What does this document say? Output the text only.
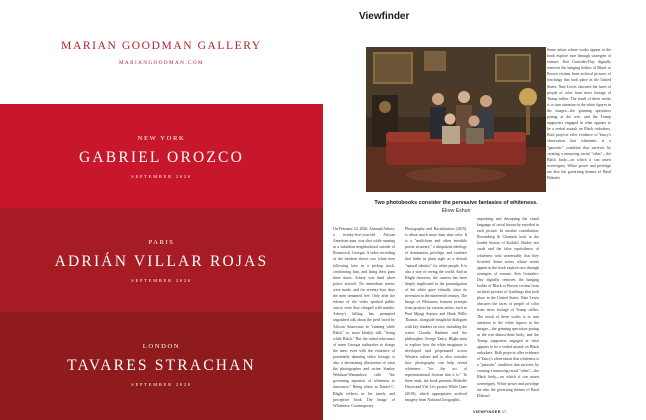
MARIAN GOODMAN GALLERY
MARIANGOODMAN.COM
NEW YORK
GABRIEL OROZCO
SEPTEMBER 2020
PARIS
ADRIÁN VILLAR ROJAS
SEPTEMBER 2020
LONDON
TAVARES STRACHAN
SEPTEMBER 2020
Viewfinder
Two photobooks consider the pervasive fantasies of whiteness.
Ekow Eshun
On February 23, 2020, Ahmaud Arbery, a twenty-five-year-old African American man, was shot while running in a suburban neighborhood outside of Brunswick, Georgia. A video recording of the incident shows two white men following him in a pickup truck, confronting him, and firing their guns three times. Arbery was dead when police arrived. No immediate arrests were made, and for seventy-four days the men remained free. Only after the release of the video sparked public outcry were they charged with murder. Arbery's killing has prompted anguished talk about the peril faced by African Americans in "running while Black" or, more bleakly still, "living while Black." But the initial reluctance of some Georgia authorities to charge the men, even with the existence of potentially damning video footage, is also a devastating illustration of what the photographer and writer Stanley Wolukau-Wanambwa calls "the governing equation of whiteness to innocence." Being white, as Daniel C. Blight reflects in his timely and perceptive book The Image of Whiteness: Contemporary
Photography and Racialization (2019), is about much more than skin color. It is a "multiform and often invisible power structure," a ubiquitous ideology of domination, privilege, and violence that hides in plain sight as a default "natural identity" for white people. It is also a way of seeing the world. And as Blight observes, the camera has been deeply implicated in the promulgation of the white gaze virtually since its invention in the nineteenth century. The Image of Whiteness features excerpts from projects by various artists, such as Paul Mpagi Sepuya and Hank Willis Thomas, alongside insightful dialogues with key thinkers on race, including the writer Claudia Rankine and the philosopher George Yancy. Blight aims to explore how the white imaginary is developed and perpetuated across Western culture and to also consider how photography can help reveal whiteness "for the act of representational fictions that it is." To these ends, the book presents Michelle Dizon and Viet Le's project White Gaze (2018), which appropriates archival imagery from National Geographic,
unpacking and disrupting the visual language of racial hierarchy encoded in each picture. In another contribution, Broomberg & Chanarin look to the loaded history of Kodak's Shirley test cards and the false equivalence of whiteness with universality that they fostered. Some artists whose works appear in the book explore race through strategies of erasure. Ken Gonzales-Day digitally removes the hanging bodies of Black or Brown victims from archival pictures of lynchings that took place in the United States. Nate Lewis obscures the faces of people of color from news footage of Trump rallies. The result of these works is to turn attention to the white figures in the images—the grinning spectators posing at the tree-almost-dead body, and the Trump supporters engaged in what appears to be a verbal assault on Black onlookers. Both projects offer evidence of Yancy's observation that whiteness is a "parasitic" condition that survives by creating a menacing racial "other"—the Black body—on which it can assert sovereignty. White power and privilege are also the governing themes of Basil Eldean's
Some artists whose works appear in the book explore race through strategies of erasure. Ken Gonzales-Day digitally removes the hanging bodies of Black or Brown victims from archival pictures of lynchings that took place in the United States. Nate Lewis obscures the faces of people of color from news footage of Trump rallies. The result of these works is to turn attention to the white figures in the images—the grinning spectators posing at the tree, and the Trump supporters engaged in what appears to be a verbal assault on Black onlookers. Both projects offer evidence of Yancy's observation that whiteness is a "parasitic" condition that survives by creating a menacing racial "other"—the Black body—on which it can assert sovereignty. White power and privilege are also the governing themes of Basil Eldean's
VIEWFINDER 17
